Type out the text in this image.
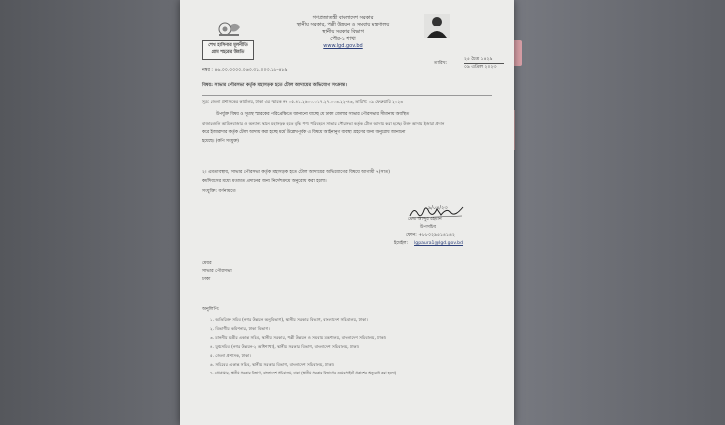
গণপ্রজাতন্ত্রী বাংলাদেশ সরকার
স্থানীয় সরকার, পল্লী উন্নয়ন ও সমবায় মন্ত্রণালয়
স্থানীয় সরকার বিভাগ
পৌর-১ শাখা
www.lgd.gov.bd
শেখ হাসিনার মূলনীতি
গ্রাম শহরের উন্নতি
নম্বর : ৪৬.০০.০০০০.০৬৩.৩১.০০৩.১৮-৪৮৯
তারিখ:
২৫ চৈত্র ১৪২৯
০৯ এপ্রিল ২০২৩
বিষয়: সাভার পৌরসভা কর্তৃক মহাসড়ক হতে টোল আদায়ের অভিযোগ সংক্রান্ত।
সূত্র: জেলা প্রশাসকের কার্যালয়, ঢাকা এর স্মারক নং ০৫.৪১.২৬০০.০১৭.২৭.০০৩.২২-৪৩, তারিখ: ০৯ ফেব্রুয়ারি ২০২৩
উপর্যুক্ত বিষয় ও সূত্রস্থ স্মারকের পরিপ্রেক্ষিতে জানানো যাচ্ছে যে ঢাকা জেলার সাভার পৌরসভার সীমানায় অবস্থিত
বাজারগুলি আমিনবাজার ও অন্যান্য স্থানে মহাসড়ক হতে বৃদ্ধি পণ্য পরিবহনে সাভার পৌরসভা কর্তৃক টোল আদায় করা হচ্ছে। উক্ত আদায় ইজারা প্রদান
করে ইজারাদার কর্তৃক টোল আদায় করা হচ্ছে মর্মে উল্লেখপূর্বক এ বিষয়ে আইনানুগ ব্যবস্থা গ্রহণের জন্য অনুরোধ জানানো
হয়েছে। (কপি সংযুক্ত)
২। এমতাবস্থায়, সাভার পৌরসভা কর্তৃক মহাসড়ক হতে টোল আদায়ের অভিযোগের বিষয়ে আগামী ৭(সাত)
কর্মদিবসের মধ্যে মতামত প্রদানের জন্য নির্দেশক্রমে অনুরোধ করা হলো।
সংযুক্তি: বর্ণনামতে
৯/০৪/২৩
মোঃ আব্দুর রহমান
উপসচিব
ফোন: +৮৮০২৯৫১৪১৪২
ইমেইল: lgpaura1@lgd.gov.bd
মেয়র
সাভার পৌরসভা
ঢাকা
অনুলিপি:
১. অতিরিক্ত সচিব (নগর উন্নয়ন অনুবিভাগ), স্থানীয় সরকার বিভাগ, বাংলাদেশ সচিবালয়, ঢাকা।
২. বিভাগীয় কমিশনার, ঢাকা বিভাগ।
৩. মাননীয় মন্ত্রীর একান্ত সচিব, স্থানীয় সরকার, পল্লী উন্নয়ন ও সমবায় মন্ত্রণালয়, বাংলাদেশ সচিবালয়, ঢাকা।
৪. যুগ্মসচিব (নগর উন্নয়ন-২ অধিশাখা), স্থানীয় সরকার বিভাগ, বাংলাদেশ সচিবালয়, ঢাকা।
৫. জেলা প্রশাসক, ঢাকা।
৬. সচিবের একান্ত সচিব, স্থানীয় সরকার বিভাগ, বাংলাদেশ সচিবালয়, ঢাকা।
৭. প্রোগ্রামার, স্থানীয় সরকার বিভাগ, বাংলাদেশ সচিবালয়, ঢাকা (স্থানীয় সরকার বিভাগের ওয়েবসাইটে প্রকাশের অনুরোধ করা হলো)
